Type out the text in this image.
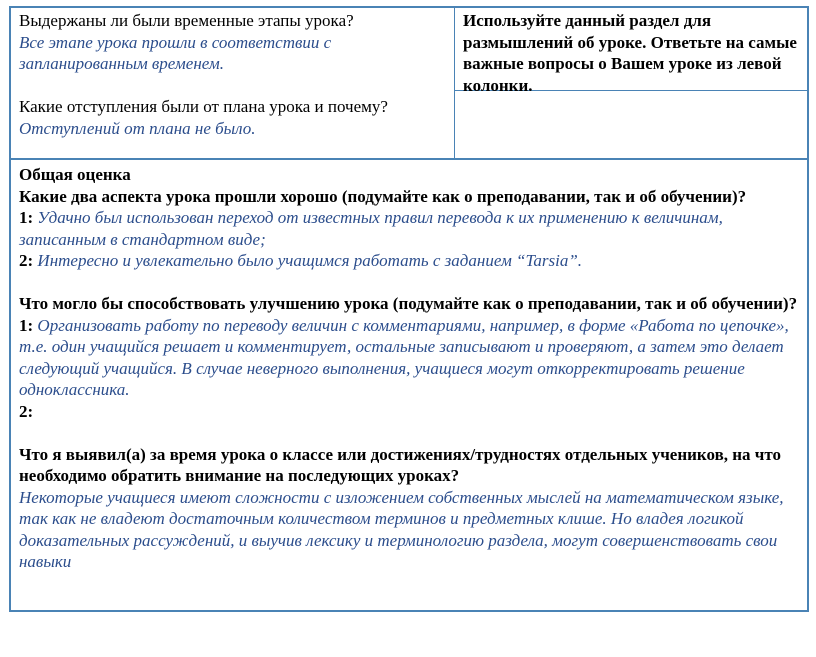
Выдержаны ли были временные этапы урока?

Все этапе урока прошли в соответствии с запланированным временем.

Какие отступления были от плана урока и почему?

Отступлений от плана не было.

Используйте данный раздел для размышлений об уроке. Ответьте на самые важные вопросы о Вашем уроке из левой колонки.

Общая оценка

Какие два аспекта урока прошли хорошо (подумайте как о преподавании, так и об обучении)?

1: Удачно был использован переход от известных правил перевода к их применению к величинам, записанным в стандартном виде;

2: Интересно и увлекательно было учащимся работать с заданием “Tarsia”.

Что могло бы способствовать улучшению урока (подумайте как о преподавании, так и об обучении)?

1: Организовать работу по переводу величин с комментариями, например, в форме «Работа по цепочке», т.е. один учащийся решает и комментирует, остальные записывают и проверяют, а затем это делает следующий учащийся. В случае неверного выполнения, учащиеся могут откорректировать решение одноклассника.

2:

Что я выявил(а) за время урока о классе или достижениях/трудностях отдельных учеников, на что необходимо обратить внимание на последующих уроках?

Некоторые учащиеся имеют сложности с изложением собственных мыслей на математическом языке, так как не владеют достаточным количеством терминов и предметных клише. Но владея логикой доказательных рассуждений, и выучив лексику и терминологию раздела, могут совершенствовать свои навыки
